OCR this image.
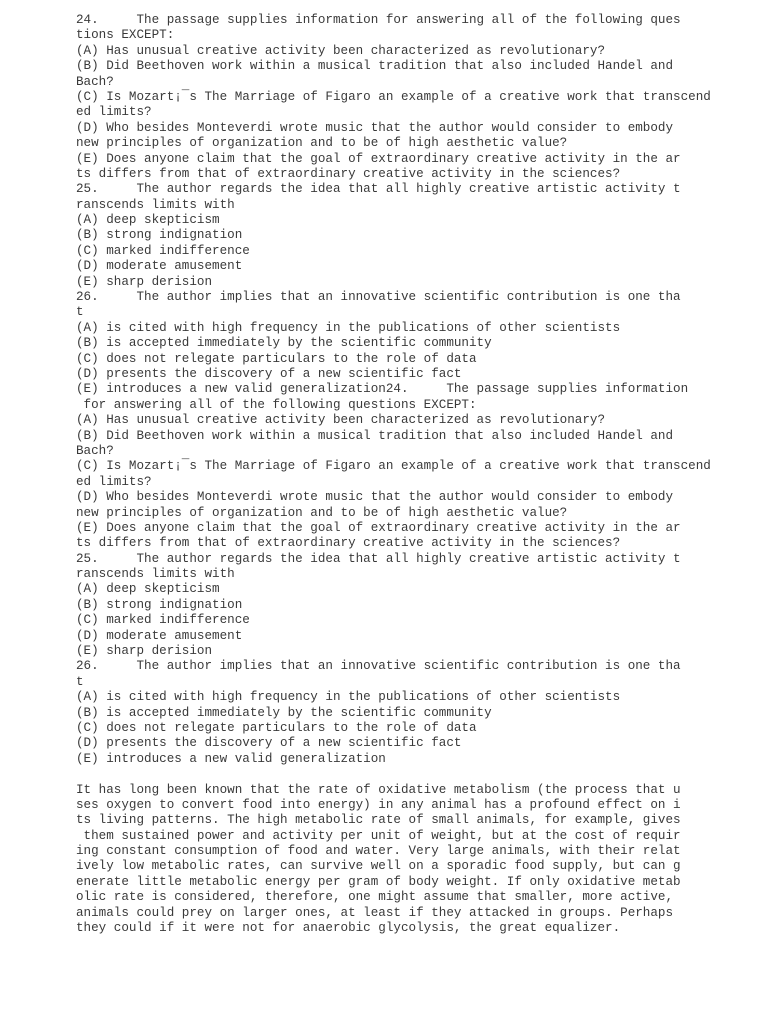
24.     The passage supplies information for answering all of the following ques
tions EXCEPT:
(A) Has unusual creative activity been characterized as revolutionary?
(B) Did Beethoven work within a musical tradition that also included Handel and
Bach?
(C) Is Mozart¡¯s The Marriage of Figaro an example of a creative work that transcend
ed limits?
(D) Who besides Monteverdi wrote music that the author would consider to embody
new principles of organization and to be of high aesthetic value?
(E) Does anyone claim that the goal of extraordinary creative activity in the ar
ts differs from that of extraordinary creative activity in the sciences?
25.     The author regards the idea that all highly creative artistic activity t
ranscends limits with
(A) deep skepticism
(B) strong indignation
(C) marked indifference
(D) moderate amusement
(E) sharp derision
26.     The author implies that an innovative scientific contribution is one tha
t
(A) is cited with high frequency in the publications of other scientists
(B) is accepted immediately by the scientific community
(C) does not relegate particulars to the role of data
(D) presents the discovery of a new scientific fact
(E) introduces a new valid generalization24.     The passage supplies information
for answering all of the following questions EXCEPT:
(A) Has unusual creative activity been characterized as revolutionary?
(B) Did Beethoven work within a musical tradition that also included Handel and
Bach?
(C) Is Mozart¡¯s The Marriage of Figaro an example of a creative work that transcend
ed limits?
(D) Who besides Monteverdi wrote music that the author would consider to embody
new principles of organization and to be of high aesthetic value?
(E) Does anyone claim that the goal of extraordinary creative activity in the ar
ts differs from that of extraordinary creative activity in the sciences?
25.     The author regards the idea that all highly creative artistic activity t
ranscends limits with
(A) deep skepticism
(B) strong indignation
(C) marked indifference
(D) moderate amusement
(E) sharp derision
26.     The author implies that an innovative scientific contribution is one tha
t
(A) is cited with high frequency in the publications of other scientists
(B) is accepted immediately by the scientific community
(C) does not relegate particulars to the role of data
(D) presents the discovery of a new scientific fact
(E) introduces a new valid generalization
It has long been known that the rate of oxidative metabolism (the process that u
ses oxygen to convert food into energy) in any animal has a profound effect on i
ts living patterns. The high metabolic rate of small animals, for example, gives
them sustained power and activity per unit of weight, but at the cost of requir
ing constant consumption of food and water. Very large animals, with their relat
ively low metabolic rates, can survive well on a sporadic food supply, but can g
enerate little metabolic energy per gram of body weight. If only oxidative metab
olic rate is considered, therefore, one might assume that smaller, more active,
animals could prey on larger ones, at least if they attacked in groups. Perhaps
they could if it were not for anaerobic glycolysis, the great equalizer.
